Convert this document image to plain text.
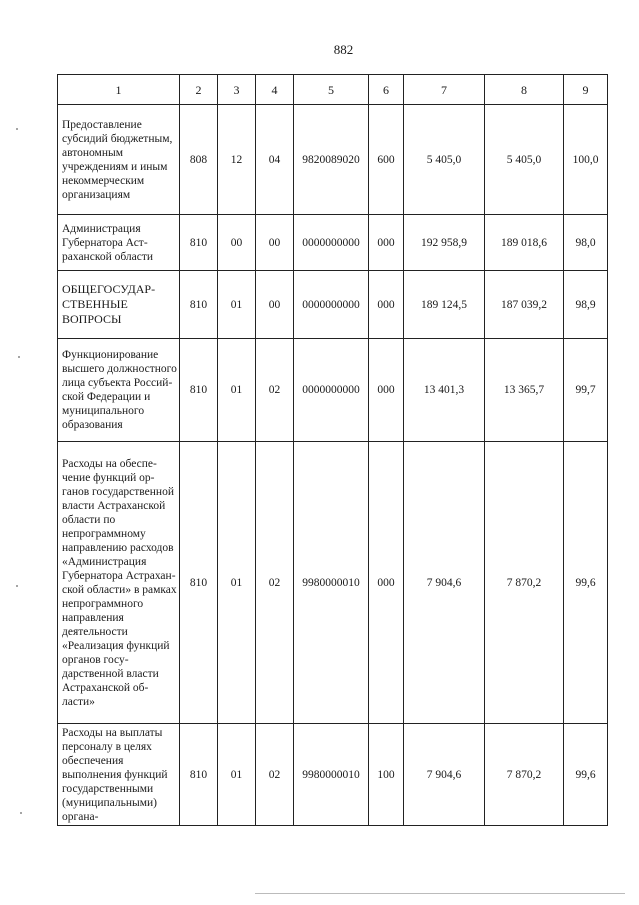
882
1	2	3	4	5	6	7	8	9
Предоставление субсидий бюджетным, автономным учреждениям и иным некоммерческим организациям	808	12	04	9820089020	600	5 405,0	5 405,0	100,0
Администрация Губернатора Астраханской области	810	00	00	0000000000	000	192 958,9	189 018,6	98,0
ОБЩЕГОСУДАРСТВЕННЫЕ ВОПРОСЫ	810	01	00	0000000000	000	189 124,5	187 039,2	98,9
Функционирование высшего должностного лица субъекта Российской Федерации и муниципального образования	810	01	02	0000000000	000	13 401,3	13 365,7	99,7
Расходы на обеспечение функций органов государственной власти Астраханской области по непрограммному направлению расходов «Администрация Губернатора Астраханской области» в рамках непрограммного направления деятельности «Реализация функций органов государственной власти Астраханской области»	810	01	02	9980000010	000	7 904,6	7 870,2	99,6
Расходы на выплаты персоналу в целях обеспечения выполнения функций государственными (муниципальными) органа-	810	01	02	9980000010	100	7 904,6	7 870,2	99,6
